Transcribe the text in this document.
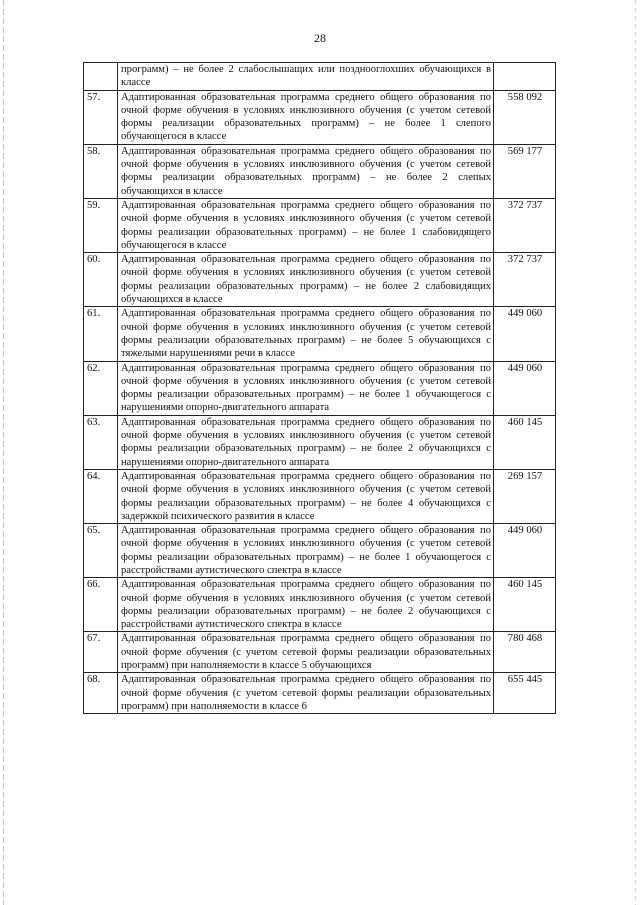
28
	программ) – не более 2 слабослышащих или позднооглохших обучающихся в классе	
57.	Адаптированная образовательная программа среднего общего образования по очной форме обучения в условиях инклюзивного обучения (с учетом сетевой формы реализации образовательных программ) – не более 1 слепого обучающегося в классе	558 092
58.	Адаптированная образовательная программа среднего общего образования по очной форме обучения в условиях инклюзивного обучения (с учетом сетевой формы реализации образовательных программ) – не более 2 слепых обучающихся в классе	569 177
59.	Адаптированная образовательная программа среднего общего образования по очной форме обучения в условиях инклюзивного обучения (с учетом сетевой формы реализации образовательных программ) – не более 1 слабовидящего обучающегося в классе	372 737
60.	Адаптированная образовательная программа среднего общего образования по очной форме обучения в условиях инклюзивного обучения (с учетом сетевой формы реализации образовательных программ) – не более 2 слабовидящих обучающихся в классе	372 737
61.	Адаптированная образовательная программа среднего общего образования по очной форме обучения в условиях инклюзивного обучения (с учетом сетевой формы реализации образовательных программ) – не более 5 обучающихся с тяжелыми нарушениями речи в классе	449 060
62.	Адаптированная образовательная программа среднего общего образования по очной форме обучения в условиях инклюзивного обучения (с учетом сетевой формы реализации образовательных программ) – не более 1 обучающегося с нарушениями опорно-двигательного аппарата	449 060
63.	Адаптированная образовательная программа среднего общего образования по очной форме обучения в условиях инклюзивного обучения (с учетом сетевой формы реализации образовательных программ) – не более 2 обучающихся с нарушениями опорно-двигательного аппарата	460 145
64.	Адаптированная образовательная программа среднего общего образования по очной форме обучения в условиях инклюзивного обучения (с учетом сетевой формы реализации образовательных программ) – не более 4 обучающихся с задержкой психического развития в классе	269 157
65.	Адаптированная образовательная программа среднего общего образования по очной форме обучения в условиях инклюзивного обучения (с учетом сетевой формы реализации образовательных программ) – не более 1 обучающегося с расстройствами аутистического спектра в классе	449 060
66.	Адаптированная образовательная программа среднего общего образования по очной форме обучения в условиях инклюзивного обучения (с учетом сетевой формы реализации образовательных программ) – не более 2 обучающихся с расстройствами аутистического спектра в классе	460 145
67.	Адаптированная образовательная программа среднего общего образования по очной форме обучения (с учетом сетевой формы реализации образовательных программ) при наполняемости в классе 5 обучающихся	780 468
68.	Адаптированная образовательная программа среднего общего образования по очной форме обучения (с учетом сетевой формы реализации образовательных программ) при наполняемости в классе 6	655 445
